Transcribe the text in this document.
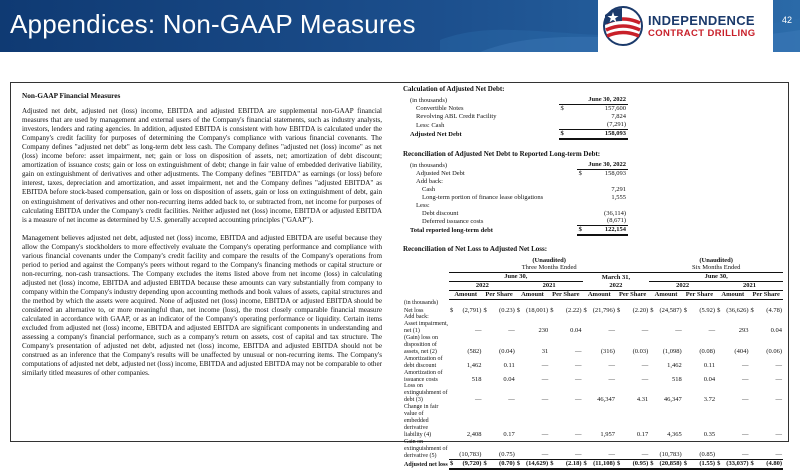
Appendices: Non-GAAP Measures	INDEPENDENCE
CONTRACT DRILLING
42
Non-GAAP Financial Measures

Adjusted net debt, adjusted net (loss) income, EBITDA and adjusted EBITDA are supplemental non-GAAP financial measures that are used by management and external users of the Company's financial statements, such as industry analysts, investors, lenders and rating agencies. In addition, adjusted EBITDA is consistent with how EBITDA is calculated under the Company's credit facility for purposes of determining the Company's compliance with various financial covenants. The Company defines "adjusted net debt" as long-term debt less cash. The Company defines "adjusted net (loss) income" as net (loss) income before: asset impairment, net; gain or loss on disposition of assets, net; amortization of debt discount; amortization of issuance costs; gain or loss on extinguishment of debt; change in fair value of embedded derivative liability, gain on extinguishment of derivatives and other adjustments. The Company defines "EBITDA" as earnings (or loss) before interest, taxes, depreciation and amortization, and asset impairment, net and the Company defines "adjusted EBITDA" as EBITDA before stock-based compensation, gain or loss on disposition of assets, gain or loss on extinguishment of debt, gain on extinguishment of derivatives and other non-recurring items added back to, or subtracted from, net income for purposes of calculating EBITDA under the Company's credit facilities. Neither adjusted net (loss) income, EBITDA or adjusted EBITDA is a measure of net income as determined by U.S. generally accepted accounting principles ("GAAP").

Management believes adjusted net debt, adjusted net (loss) income, EBITDA and adjusted EBITDA are useful because they allow the Company's stockholders to more effectively evaluate the Company's operating performance and compliance with various financial covenants under the Company's credit facility and compare the results of the Company's operations from period to period and against the Company's peers without regard to the Company's financing methods or capital structure or non-recurring, non-cash transactions. The Company excludes the items listed above from net income (loss) in calculating adjusted net (loss) income, EBITDA and adjusted EBITDA because these amounts can vary substantially from company to company within the Company's industry depending upon accounting methods and book values of assets, capital structures and the method by which the assets were acquired. None of adjusted net (loss) income, EBITDA or adjusted EBITDA should be considered an alternative to, or more meaningful than, net income (loss), the most closely comparable financial measure calculated in accordance with GAAP, or as an indicator of the Company's operating performance or liquidity. Certain items excluded from adjusted net (loss) income, EBITDA and adjusted EBITDA are significant components in understanding and assessing a company's financial performance, such as a company's return on assets, cost of capital and tax structure. The Company's presentation of adjusted net debt, adjusted net (loss) income, EBITDA and adjusted EBITDA should not be construed as an inference that the Company's results will be unaffected by unusual or non-recurring items. The Company's computations of adjusted net debt, adjusted net (loss) income, EBITDA and adjusted EBITDA may not be comparable to other similarly titled measures of other companies.

Calculation of Adjusted Net Debt:
(in thousands)	June 30, 2022	
Convertible Notes	$	157,600
Revolving ABL Credit Facility		7,824
Less: Cash		(7,291)
Adjusted Net Debt	$	158,093
Reconciliation of Adjusted Net Debt to Reported Long-term Debt:
(in thousands)	June 30, 2022	
Adjusted Net Debt	$	158,093
Add back:		
Cash		7,291
Long-term portion of finance lease obligations		1,555
Less:		
Debt discount		(36,114)
Deferred issuance costs		(8,671)
Total reported long-term debt	$	122,154
Reconciliation of Net Loss to Adjusted Net Loss:
	(Unaudited)												(Unaudited)							
	Three Months Ended												Six Months Ended							
	June 30,								March 31,				June 30,							
	2022				2021				2022				2022				2021			
	Amount		Per Share		Amount		Per Share		Amount		Per Share		Amount		Per Share		Amount		Per Share	
(in thousands)																				
Net loss	$	(2,791)	$	(0.23)	$	(18,001)	$	(2.22)	$	(21,796)	$	(2.20)	$	(24,587)	$	(5.92)	$	(36,626)	$	(4.78)
Add back:																				
Asset impairment, net (1)		—		—		230		0.04		—		—		—		—		293		0.04
(Gain) loss on disposition of assets, net (2)		(582)		(0.04)		31		—		(316)		(0.03)		(1,098)		(0.08)		(404)		(0.06)
Amortization of debt discount		1,462		0.11		—		—		—		—		1,462		0.11		—		—
Amortization of issuance costs		518		0.04		—		—		—		—		518		0.04		—		—
Loss on extinguishment of debt (3)		—		—		—		—		46,347		4.31		46,347		3.72		—		—
Change in fair value of embedded derivative liability (4)		2,408		0.17		—		—		1,957		0.17		4,365		0.35		—		—
Gain on extinguishment of derivative (5)		(10,783)		(0.75)		—		—		—		—		(10,783)		(0.85)		—		—
Adjusted net loss	$	(9,720)	$	(0.70)	$	(14,629)	$	(2.18)	$	(11,108)	$	(0.95)	$	(20,858)	$	(1.55)	$	(33,037)	$	(4.80)
